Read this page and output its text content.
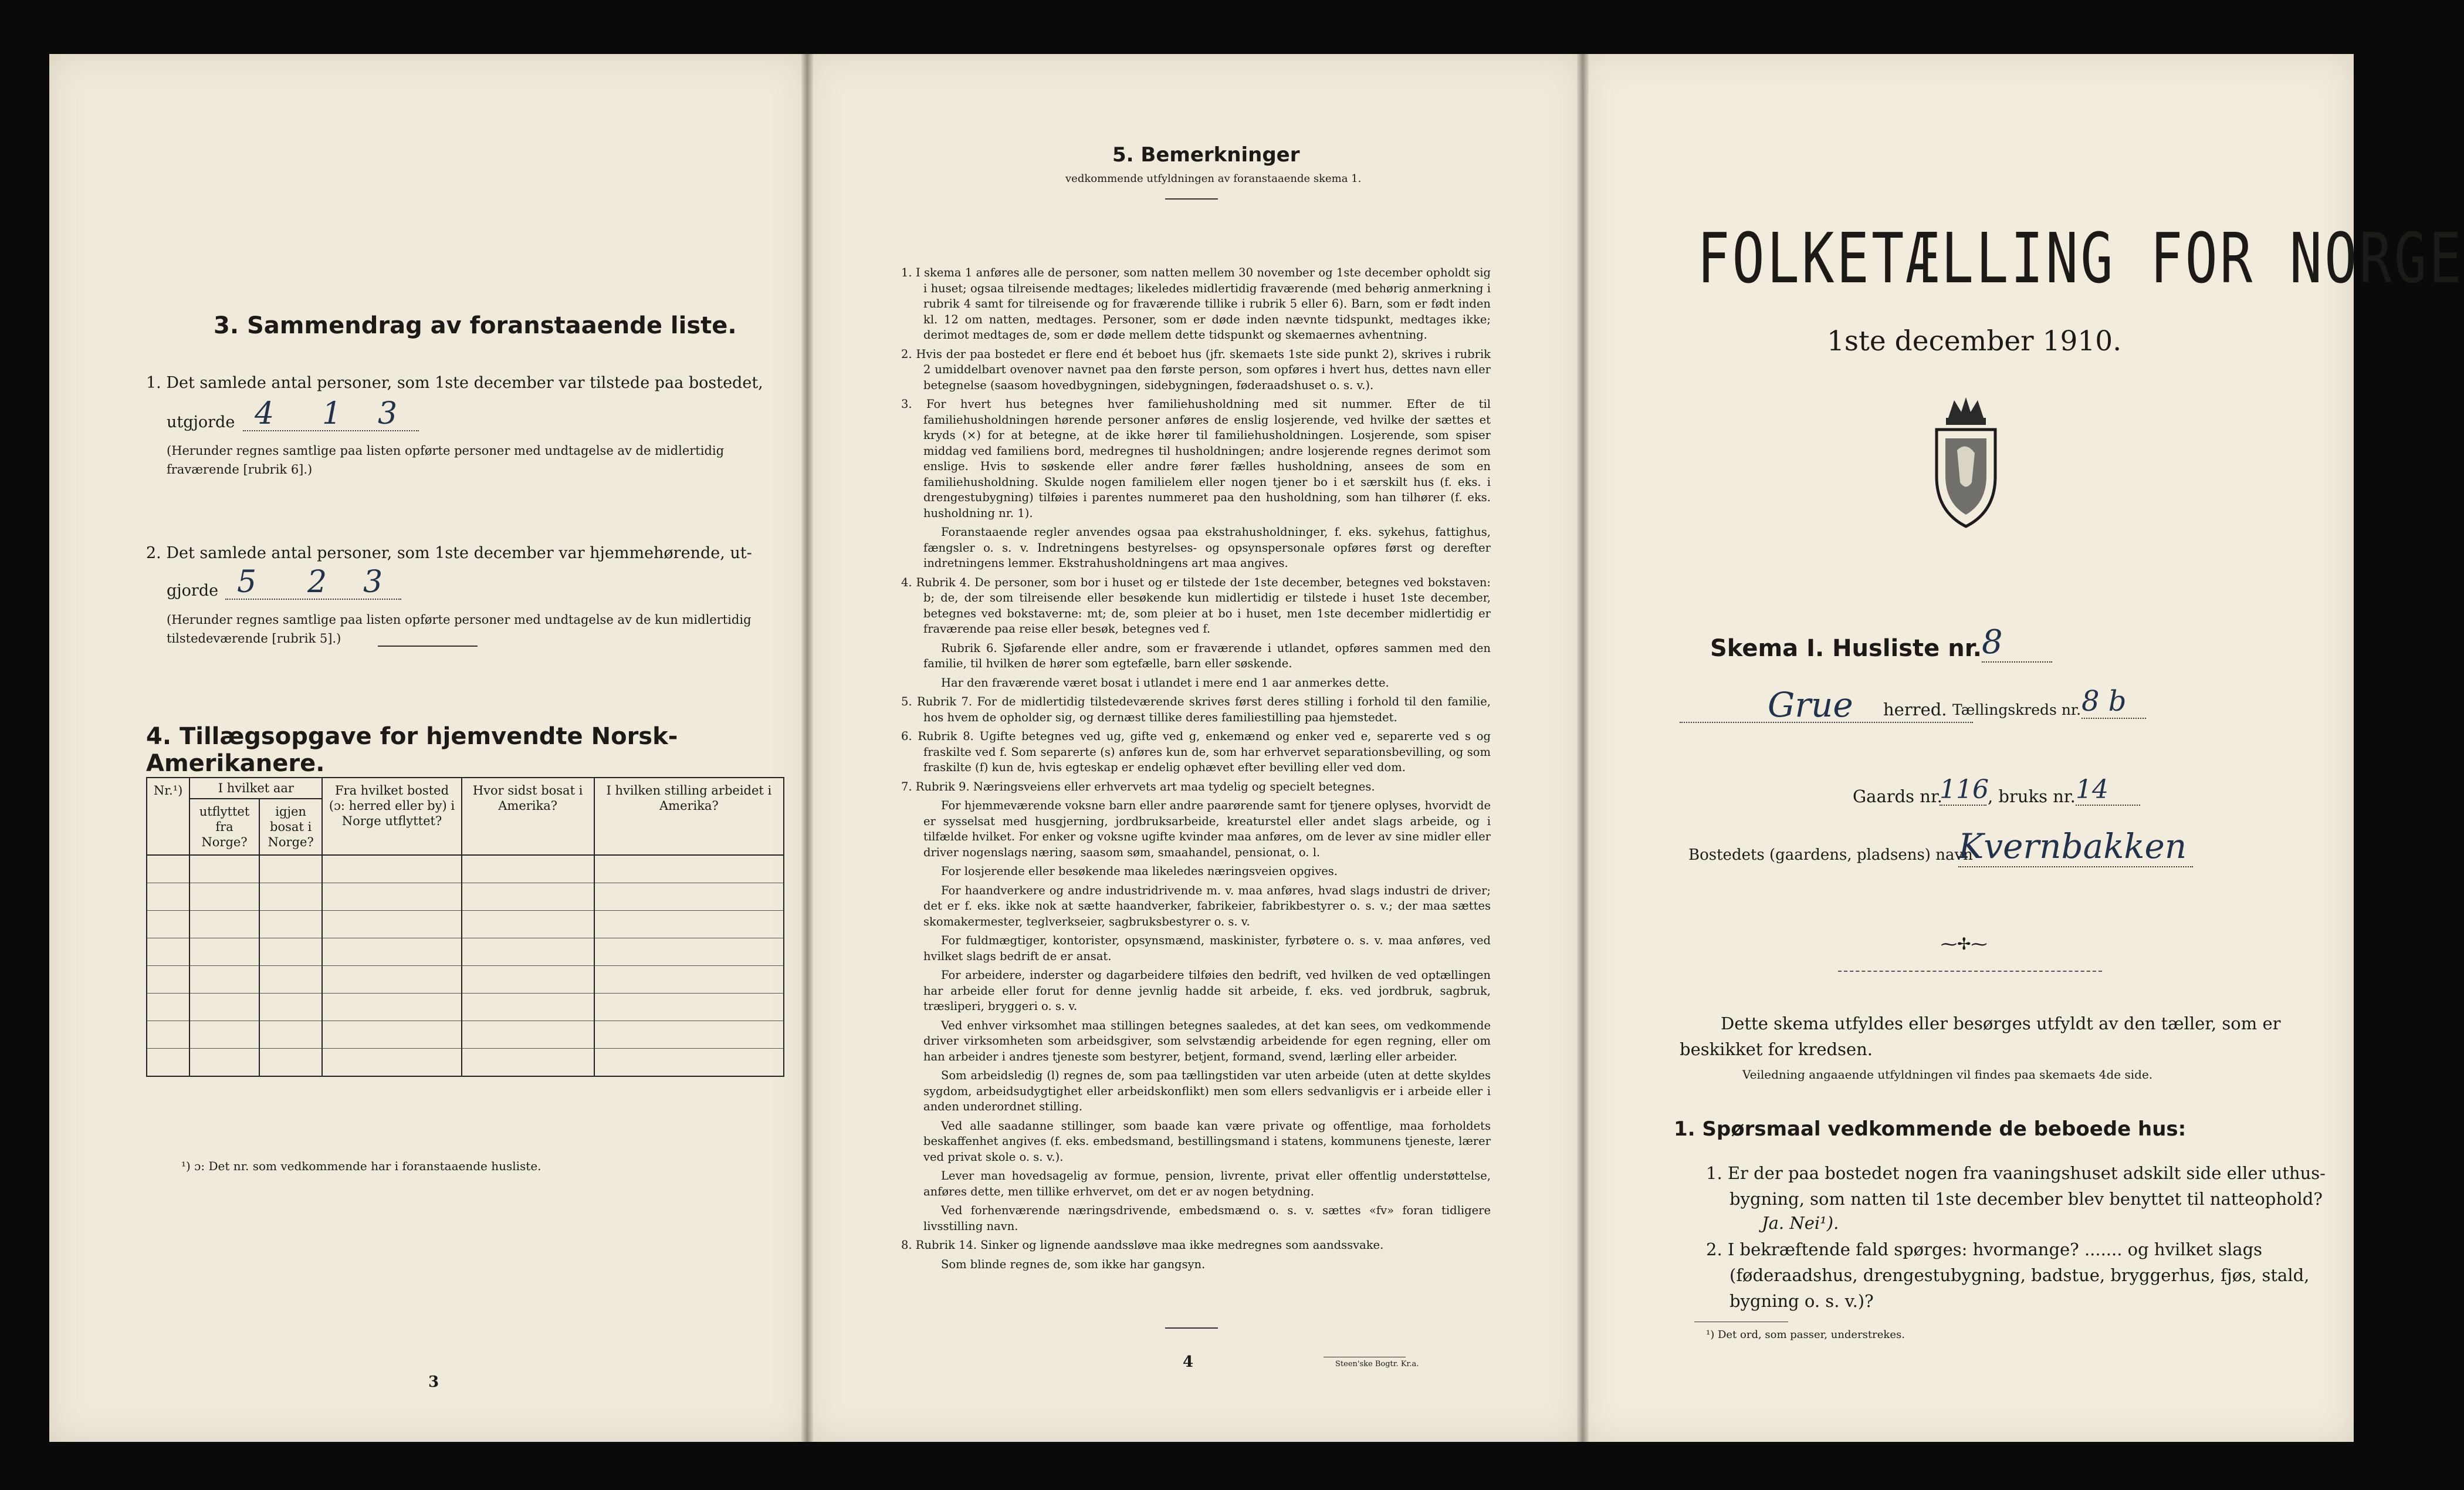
3. Sammendrag av foranstaaende liste.
1. Det samlede antal personer, som 1ste december var tilstede paa bostedet,
utgjorde 4 1 3
(Herunder regnes samtlige paa listen opførte personer med undtagelse av de midlertidig fraværende [rubrik 6].)
2. Det samlede antal personer, som 1ste december var hjemmehørende, ut-
gjorde 5 2 3
(Herunder regnes samtlige paa listen opførte personer med undtagelse av de kun midlertidig tilstedeværende [rubrik 5].)
4. Tillægsopgave for hjemvendte Norsk-Amerikanere.
Nr.¹)	I hvilket aar		Fra hvilket bosted (ɔ: herred eller by) i Norge utflyttet?	Hvor sidst bosat i Amerika?	I hvilken stilling arbeidet i Amerika?
	utflyttet fra Norge?	igjen bosat i Norge?			

¹) ɔ: Det nr. som vedkommende har i foranstaaende husliste.
3
5. Bemerkninger
vedkommende utfyldningen av foranstaaende skema 1.
1. I skema 1 anføres alle de personer, som natten mellem 30 november og 1ste december opholdt sig i huset; ogsaa tilreisende medtages; likeledes midlertidig fraværende (med behørig anmerkning i rubrik 4 samt for tilreisende og for fraværende tillike i rubrik 5 eller 6). Barn, som er født inden kl. 12 om natten, medtages. Personer, som er døde inden nævnte tidspunkt, medtages ikke; derimot medtages de, som er døde mellem dette tidspunkt og skemaernes avhentning.
2. Hvis der paa bostedet er flere end ét beboet hus (jfr. skemaets 1ste side punkt 2), skrives i rubrik 2 umiddelbart ovenover navnet paa den første person, som opføres i hvert hus, dettes navn eller betegnelse (saasom hovedbygningen, sidebygningen, føderaadshuset o. s. v.).
3. For hvert hus betegnes hver familiehusholdning med sit nummer. Efter de til familiehusholdningen hørende personer anføres de enslig losjerende, ved hvilke der sættes et kryds (×) for at betegne, at de ikke hører til familiehusholdningen. Losjerende, som spiser middag ved familiens bord, medregnes til husholdningen; andre losjerende regnes derimot som enslige. Hvis to søskende eller andre fører fælles husholdning, ansees de som en familiehusholdning. Skulde nogen familielem eller nogen tjener bo i et særskilt hus (f. eks. i drengestubygning) tilføies i parentes nummeret paa den husholdning, som han tilhører (f. eks. husholdning nr. 1).
Foranstaaende regler anvendes ogsaa paa ekstrahusholdninger, f. eks. sykehus, fattighus, fængsler o. s. v. Indretningens bestyrelses- og opsynspersonale opføres først og derefter indretningens lemmer. Ekstrahusholdningens art maa angives.
4. Rubrik 4. De personer, som bor i huset og er tilstede der 1ste december, betegnes ved bokstaven: b; de, der som tilreisende eller besøkende kun midlertidig er tilstede i huset 1ste december, betegnes ved bokstaverne: mt; de, som pleier at bo i huset, men 1ste december midlertidig er fraværende paa reise eller besøk, betegnes ved f.
Rubrik 6. Sjøfarende eller andre, som er fraværende i utlandet, opføres sammen med den familie, til hvilken de hører som egtefælle, barn eller søskende.
Har den fraværende været bosat i utlandet i mere end 1 aar anmerkes dette.
5. Rubrik 7. For de midlertidig tilstedeværende skrives først deres stilling i forhold til den familie, hos hvem de opholder sig, og dernæst tillike deres familiestilling paa hjemstedet.
6. Rubrik 8. Ugifte betegnes ved ug, gifte ved g, enkemænd og enker ved e, separerte ved s og fraskilte ved f. Som separerte (s) anføres kun de, som har erhvervet separationsbevilling, og som fraskilte (f) kun de, hvis egteskap er endelig ophævet efter bevilling eller ved dom.
7. Rubrik 9. Næringsveiens eller erhvervets art maa tydelig og specielt betegnes.
For hjemmeværende voksne barn eller andre paarørende samt for tjenere oplyses, hvorvidt de er sysselsat med husgjerning, jordbruksarbeide, kreaturstel eller andet slags arbeide, og i tilfælde hvilket. For enker og voksne ugifte kvinder maa anføres, om de lever av sine midler eller driver nogenslags næring, saasom søm, smaahandel, pensionat, o. l.
For losjerende eller besøkende maa likeledes næringsveien opgives.
For haandverkere og andre industridrivende m. v. maa anføres, hvad slags industri de driver; det er f. eks. ikke nok at sætte haandverker, fabrikeier, fabrikbestyrer o. s. v.; der maa sættes skomakermester, teglverkseier, sagbruksbestyrer o. s. v.
For fuldmægtiger, kontorister, opsynsmænd, maskinister, fyrbøtere o. s. v. maa anføres, ved hvilket slags bedrift de er ansat.
For arbeidere, inderster og dagarbeidere tilføies den bedrift, ved hvilken de ved optællingen har arbeide eller forut for denne jevnlig hadde sit arbeide, f. eks. ved jordbruk, sagbruk, træsliperi, bryggeri o. s. v.
Ved enhver virksomhet maa stillingen betegnes saaledes, at det kan sees, om vedkommende driver virksomheten som arbeidsgiver, som selvstændig arbeidende for egen regning, eller om han arbeider i andres tjeneste som bestyrer, betjent, formand, svend, lærling eller arbeider.
Som arbeidsledig (l) regnes de, som paa tællingstiden var uten arbeide (uten at dette skyldes sygdom, arbeidsudygtighet eller arbeidskonflikt) men som ellers sedvanligvis er i arbeide eller i anden underordnet stilling.
Ved alle saadanne stillinger, som baade kan være private og offentlige, maa forholdets beskaffenhet angives (f. eks. embedsmand, bestillingsmand i statens, kommunens tjeneste, lærer ved privat skole o. s. v.).
Lever man hovedsagelig av formue, pension, livrente, privat eller offentlig understøttelse, anføres dette, men tillike erhvervet, om det er av nogen betydning.
Ved forhenværende næringsdrivende, embedsmænd o. s. v. sættes «fv» foran tidligere livsstilling navn.
8. Rubrik 14. Sinker og lignende aandssløve maa ikke medregnes som aandssvake.
Som blinde regnes de, som ikke har gangsyn.
4	Steen'ske Bogtr. Kr.a.
FOLKETÆLLING FOR NORGE
1ste december 1910.
Skema I. Husliste nr. 8
Grue herred. Tællingskreds nr. 8 b
Gaards nr.
116
, bruks nr. 14
Bostedets (gaardens, pladsens) navn
Kvernbakken
⁓✢⁓
Dette skema utfyldes eller besørges utfyldt av den tæller, som er beskikket for kredsen.
Veiledning angaaende utfyldningen vil findes paa skemaets 4de side.
1. Spørsmaal vedkommende de beboede hus:
1. Er der paa bostedet nogen fra vaaningshuset adskilt side eller uthus-bygning, som natten til 1ste december blev benyttet til natteophold?
Ja. Nei¹).
2. I bekræftende fald spørges: hvormange? ....... og hvilket slags (føderaadshus, drengestubygning, badstue, bryggerhus, fjøs, stald, bygning o. s. v.)?
¹) Det ord, som passer, understrekes.
